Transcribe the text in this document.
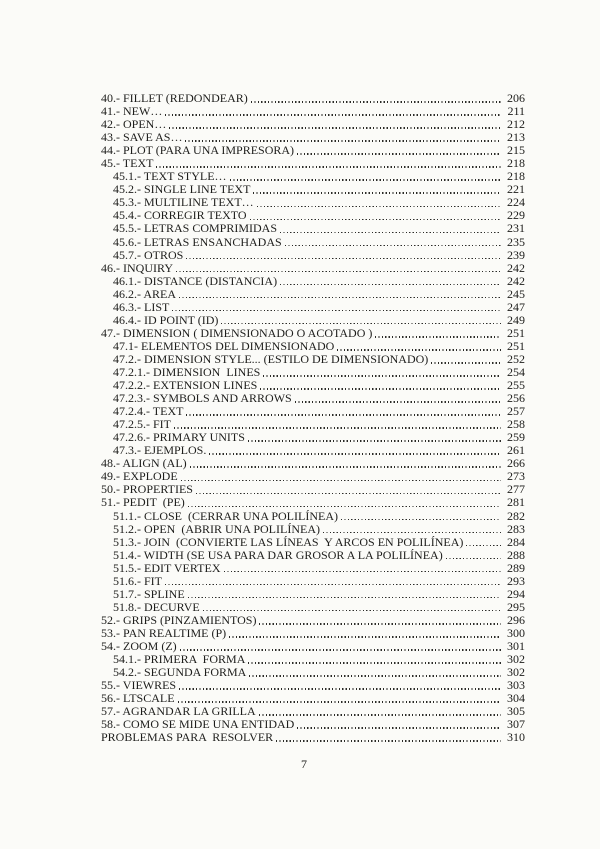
40.- FILLET (REDONDEAR)	206
41.- NEW…	211
42.- OPEN…	212
43.- SAVE AS…	213
44.- PLOT (PARA UNA IMPRESORA)	215
45.- TEXT	218
45.1.- TEXT STYLE…	218
45.2.- SINGLE LINE TEXT	221
45.3.- MULTILINE TEXT…	224
45.4.- CORREGIR TEXTO	229
45.5.- LETRAS COMPRIMIDAS	231
45.6.- LETRAS ENSANCHADAS	235
45.7.- OTROS	239
46.- INQUIRY	242
46.1.- DISTANCE (DISTANCIA)	242
46.2.- AREA	245
46.3.- LIST	247
46.4.- ID POINT (ID)	249
47.- DIMENSION ( DIMENSIONADO O ACOTADO )	251
47.1- ELEMENTOS DEL DIMENSIONADO	251
47.2.- DIMENSION STYLE... (ESTILO DE DIMENSIONADO)	252
47.2.1.- DIMENSION  LINES	254
47.2.2.- EXTENSION LINES	255
47.2.3.- SYMBOLS AND ARROWS	256
47.2.4.- TEXT	257
47.2.5.- FIT	258
47.2.6.- PRIMARY UNITS	259
47.3.- EJEMPLOS.	261
48.- ALIGN (AL)	266
49.- EXPLODE	273
50.- PROPERTIES	277
51.- PEDIT  (PE)	281
51.1.- CLOSE  (CERRAR UNA POLILÍNEA)	282
51.2.- OPEN  (ABRIR UNA POLILÍNEA)	283
51.3.- JOIN  (CONVIERTE LAS LÍNEAS  Y ARCOS EN POLILÍNEA)	284
51.4.- WIDTH (SE USA PARA DAR GROSOR A LA POLILÍNEA)	288
51.5.- EDIT VERTEX	289
51.6.- FIT	293
51.7.- SPLINE	294
51.8.- DECURVE	295
52.- GRIPS (PINZAMIENTOS)	296
53.- PAN REALTIME (P)	300
54.- ZOOM (Z)	301
54.1.- PRIMERA  FORMA	302
54.2.- SEGUNDA FORMA	302
55.- VIEWRES	303
56.- LTSCALE	304
57.- AGRANDAR LA GRILLA	305
58.- COMO SE MIDE UNA ENTIDAD	307
PROBLEMAS PARA  RESOLVER	310
7
